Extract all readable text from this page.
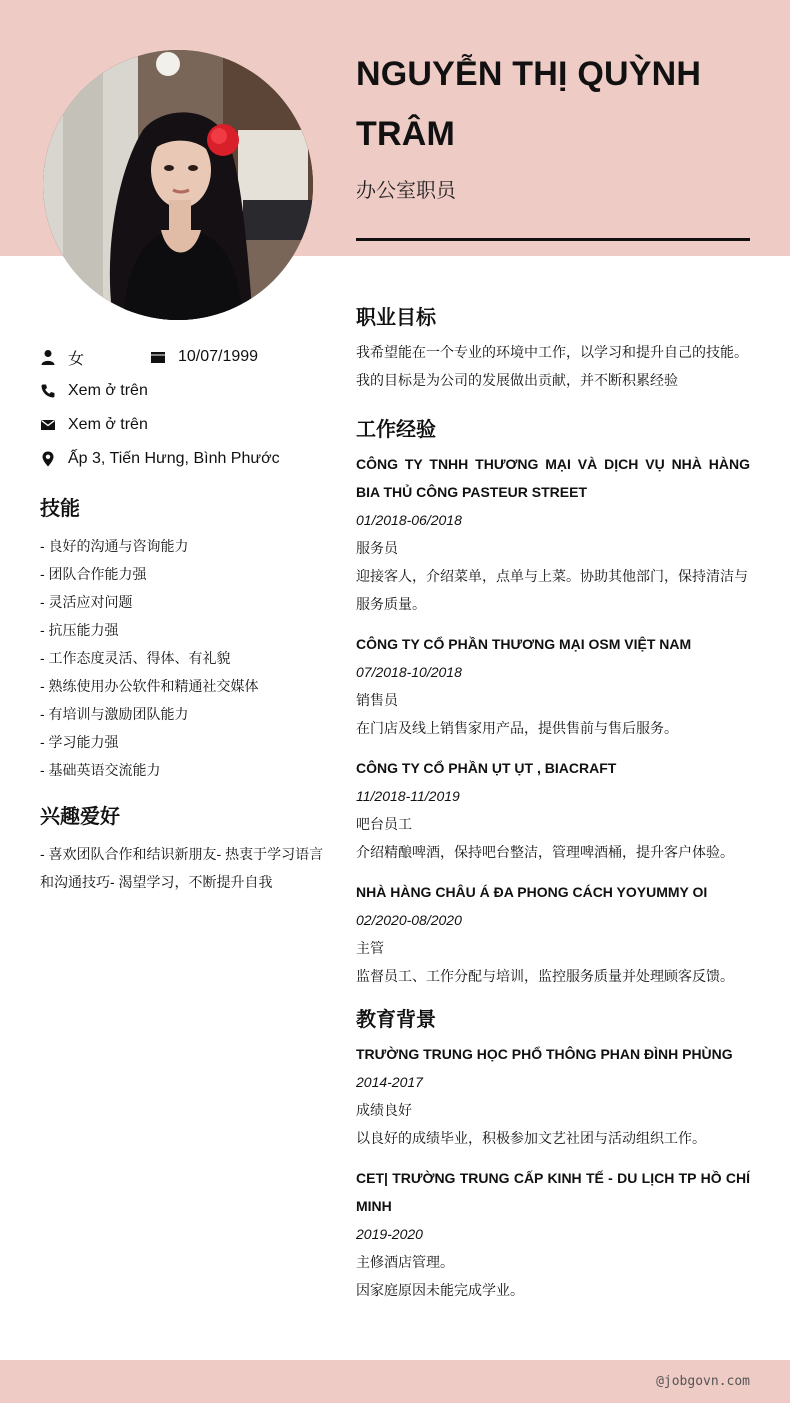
NGUYỄN THỊ QUỲNH TRÂM
办公室职员
女	10/07/1999
Xem ở trên
Xem ở trên
Ấp 3, Tiến Hưng, Bình Phước
技能
- 良好的沟通与咨询能力
- 团队合作能力强
- 灵活应对问题
- 抗压能力强
- 工作态度灵活、得体、有礼貌
- 熟练使用办公软件和精通社交媒体
- 有培训与激励团队能力
- 学习能力强
- 基础英语交流能力
兴趣爱好
- 喜欢团队合作和结识新朋友- 热衷于学习语言和沟通技巧- 渴望学习，不断提升自我
职业目标
我希望能在一个专业的环境中工作，以学习和提升自己的技能。我的目标是为公司的发展做出贡献，并不断积累经验
工作经验
CÔNG TY TNHH THƯƠNG MẠI VÀ DỊCH VỤ NHÀ HÀNG BIA THỦ CÔNG PASTEUR STREET
01/2018-06/2018
服务员
迎接客人，介绍菜单，点单与上菜。协助其他部门，保持清洁与服务质量。
CÔNG TY CỔ PHẦN THƯƠNG MẠI OSM VIỆT NAM
07/2018-10/2018
销售员
在门店及线上销售家用产品，提供售前与售后服务。
CÔNG TY CỔ PHẦN ỤT ỤT , BIACRAFT
11/2018-11/2019
吧台员工
介绍精酿啤酒，保持吧台整洁，管理啤酒桶，提升客户体验。
NHÀ HÀNG CHÂU Á ĐA PHONG CÁCH YOYUMMY OI
02/2020-08/2020
主管
监督员工、工作分配与培训，监控服务质量并处理顾客反馈。
教育背景
TRƯỜNG TRUNG HỌC PHỔ THÔNG PHAN ĐÌNH PHÙNG
2014-2017
成绩良好
以良好的成绩毕业，积极参加文艺社团与活动组织工作。
CET| TRƯỜNG TRUNG CẤP KINH TẾ - DU LỊCH TP HỒ CHÍ MINH
2019-2020
主修酒店管理。
因家庭原因未能完成学业。
@jobgovn.com
